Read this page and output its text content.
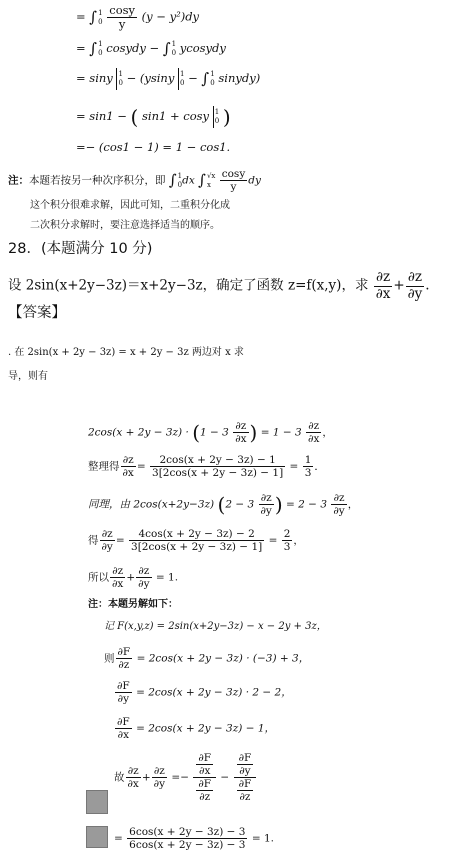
= ∫1
$0 \frac{\cos y}{y} (y - y^2)dy$
= ∫1
0 cosydy − ∫1
0 ycosydy
= siny 1
0 − (ysiny 1
0 − ∫1
0 sinydy)
= sin1 − ( sin1 + cosy 1
0 )
=− (cos1 − 1) = 1 − cos1.
注：本题若按另一种次序积分，即 ∫1
0dx ∫√x
x $\frac{\cos y}{y}$ dy
这个积分很难求解，因此可知，二重积分化成
二次积分求解时，要注意选择适当的顺序。
28．(本题满分 10 分)
设 2sin(x+2y−3z)＝x+2y−3z，确定了函数 z=f(x,y)，求 $\frac{\partial z}{\partial x} + \frac{\partial z}{\partial y}$ .
【答案】
. 在 2sin(x + 2y − 3z) = x + 2y − 3z 两边对 x 求
导，则有
$2\cos(x + 2y - 3z) \cdot (1 - 3 \frac{\partial z}{\partial x}$ ) = $1 - 3 \frac{\partial z}{\partial x}$ ，
整理得 $\frac{\partial z}{\partial x} = \frac{2\cos(x + 2y - 3z) - 1}{3[2\cos(x + 2y - 3z) - 1]} = \frac{1}{3}$ ．
同理，由 2cos(x+2y−3z) ($2 - 3 \frac{\partial z}{\partial y}$ ) = $2 - 3 \frac{\partial z}{\partial y}$ ，
得 $\frac{\partial z}{\partial y} = \frac{4\cos(x + 2y - 3z) - 2}{3[2\cos(x + 2y - 3z) - 1]} = \frac{2}{3}$ ，
所以 $\frac{\partial z}{\partial x} + \frac{\partial z}{\partial y} = 1$.
注：本题另解如下：
记 F(x,y,z) = 2sin(x+2y−3z) − x − 2y + 3z，
则 $\frac{\partial F}{\partial z} = 2\cos(x + 2y - 3z) \cdot (-3) + 3$，
$\frac{\partial F}{\partial y} = 2\cos(x + 2y - 3z) \cdot 2 - 2$，
$\frac{\partial F}{\partial x} = 2\cos(x + 2y - 3z) - 1$，
故 $\frac{\partial z}{\partial x} + \frac{\partial z}{\partial y} =- \frac{\frac{\partial F}{\partial x}}{\frac{\partial F}{\partial z}} - \frac{\frac{\partial F}{\partial y}}{\frac{\partial F}{\partial z}}$
= $\frac{6\cos(x + 2y - 3z) - 3}{6\cos(x + 2y - 3z) - 3} = 1$.
